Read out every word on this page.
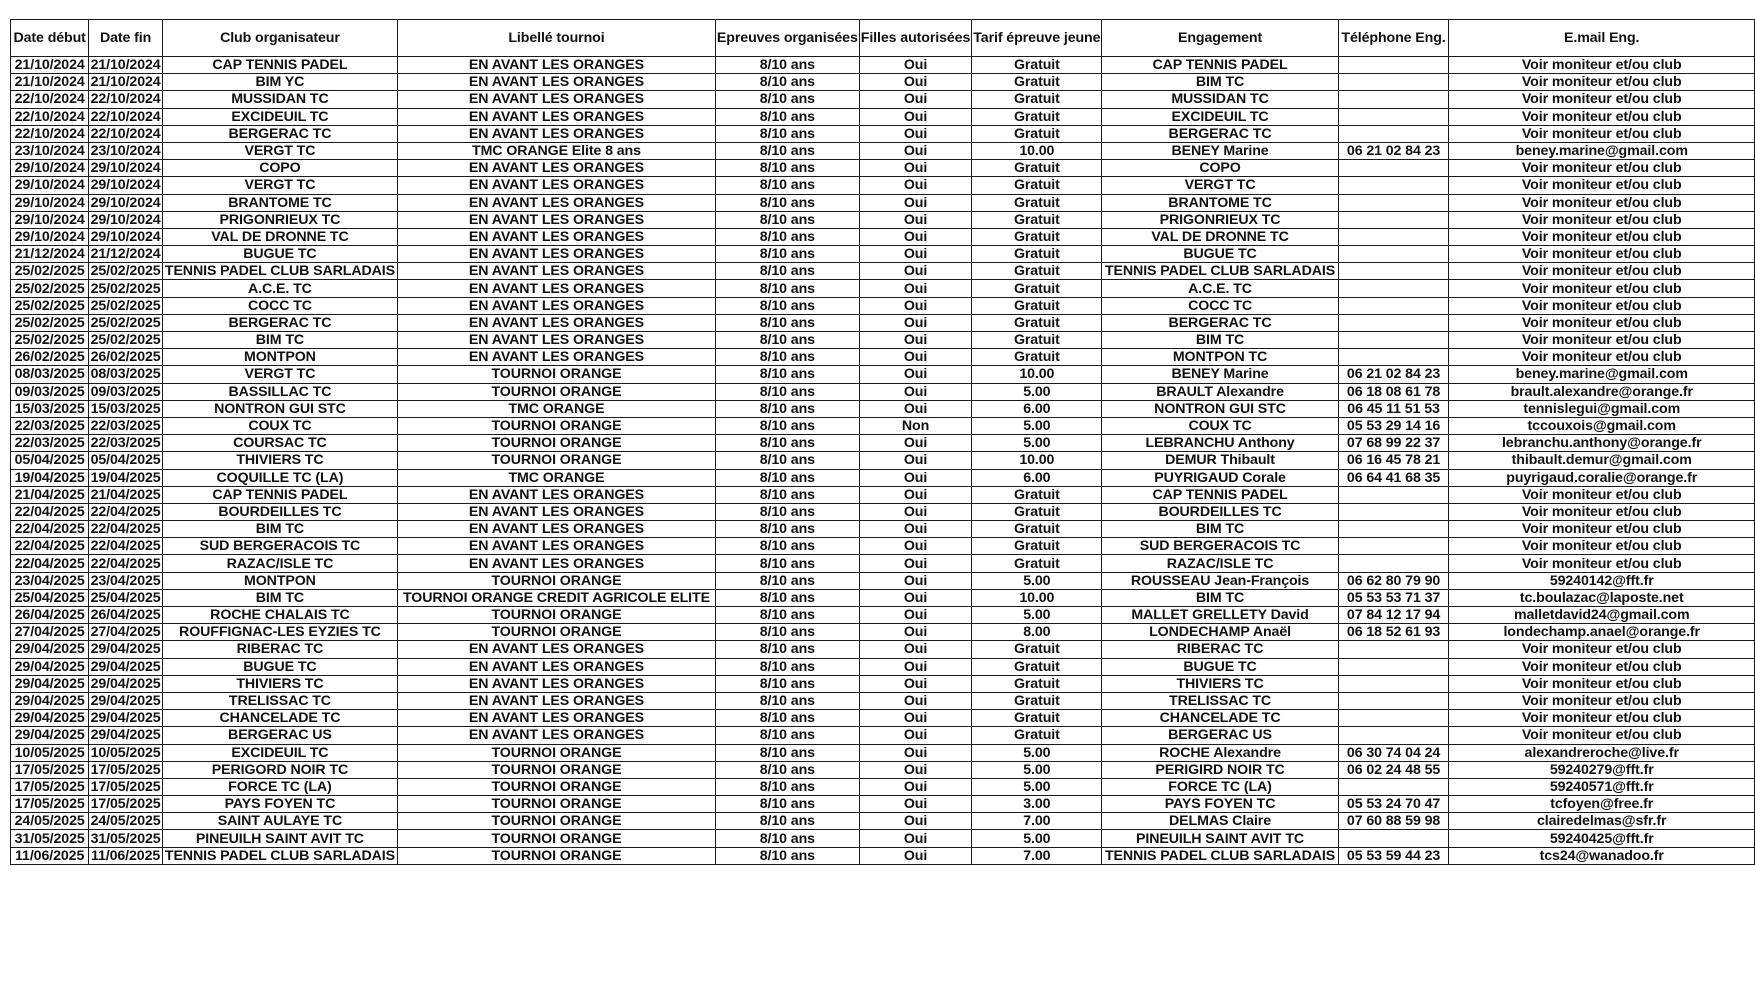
Date début	Date fin	Club organisateur	Libellé tournoi	Epreuves organisées	Filles autorisées	Tarif épreuve jeune	Engagement	Téléphone Eng.	E.mail Eng.
21/10/2024	21/10/2024	CAP TENNIS PADEL	EN AVANT LES ORANGES	8/10 ans	Oui	Gratuit	CAP TENNIS PADEL		Voir moniteur et/ou club
21/10/2024	21/10/2024	BIM YC	EN AVANT LES ORANGES	8/10 ans	Oui	Gratuit	BIM TC		Voir moniteur et/ou club
22/10/2024	22/10/2024	MUSSIDAN TC	EN AVANT LES ORANGES	8/10 ans	Oui	Gratuit	MUSSIDAN TC		Voir moniteur et/ou club
22/10/2024	22/10/2024	EXCIDEUIL TC	EN AVANT LES ORANGES	8/10 ans	Oui	Gratuit	EXCIDEUIL TC		Voir moniteur et/ou club
22/10/2024	22/10/2024	BERGERAC TC	EN AVANT LES ORANGES	8/10 ans	Oui	Gratuit	BERGERAC TC		Voir moniteur et/ou club
23/10/2024	23/10/2024	VERGT TC	TMC ORANGE Elite 8 ans	8/10 ans	Oui	10.00	BENEY Marine	06 21 02 84 23	beney.marine@gmail.com
29/10/2024	29/10/2024	COPO	EN AVANT LES ORANGES	8/10 ans	Oui	Gratuit	COPO		Voir moniteur et/ou club
29/10/2024	29/10/2024	VERGT TC	EN AVANT LES ORANGES	8/10 ans	Oui	Gratuit	VERGT TC		Voir moniteur et/ou club
29/10/2024	29/10/2024	BRANTOME TC	EN AVANT LES ORANGES	8/10 ans	Oui	Gratuit	BRANTOME TC		Voir moniteur et/ou club
29/10/2024	29/10/2024	PRIGONRIEUX TC	EN AVANT LES ORANGES	8/10 ans	Oui	Gratuit	PRIGONRIEUX TC		Voir moniteur et/ou club
29/10/2024	29/10/2024	VAL DE DRONNE TC	EN AVANT LES ORANGES	8/10 ans	Oui	Gratuit	VAL DE DRONNE TC		Voir moniteur et/ou club
21/12/2024	21/12/2024	BUGUE TC	EN AVANT LES ORANGES	8/10 ans	Oui	Gratuit	BUGUE TC		Voir moniteur et/ou club
25/02/2025	25/02/2025	TENNIS PADEL CLUB SARLADAIS	EN AVANT LES ORANGES	8/10 ans	Oui	Gratuit	TENNIS PADEL CLUB SARLADAIS		Voir moniteur et/ou club
25/02/2025	25/02/2025	A.C.E. TC	EN AVANT LES ORANGES	8/10 ans	Oui	Gratuit	A.C.E. TC		Voir moniteur et/ou club
25/02/2025	25/02/2025	COCC TC	EN AVANT LES ORANGES	8/10 ans	Oui	Gratuit	COCC TC		Voir moniteur et/ou club
25/02/2025	25/02/2025	BERGERAC TC	EN AVANT LES ORANGES	8/10 ans	Oui	Gratuit	BERGERAC TC		Voir moniteur et/ou club
25/02/2025	25/02/2025	BIM TC	EN AVANT LES ORANGES	8/10 ans	Oui	Gratuit	BIM TC		Voir moniteur et/ou club
26/02/2025	26/02/2025	MONTPON	EN AVANT LES ORANGES	8/10 ans	Oui	Gratuit	MONTPON TC		Voir moniteur et/ou club
08/03/2025	08/03/2025	VERGT TC	TOURNOI ORANGE	8/10 ans	Oui	10.00	BENEY Marine	06 21 02 84 23	beney.marine@gmail.com
09/03/2025	09/03/2025	BASSILLAC TC	TOURNOI ORANGE	8/10 ans	Oui	5.00	BRAULT Alexandre	06 18 08 61 78	brault.alexandre@orange.fr
15/03/2025	15/03/2025	NONTRON GUI STC	TMC ORANGE	8/10 ans	Oui	6.00	NONTRON GUI STC	06 45 11 51 53	tennislegui@gmail.com
22/03/2025	22/03/2025	COUX TC	TOURNOI ORANGE	8/10 ans	Non	5.00	COUX TC	05 53 29 14 16	tccouxois@gmail.com
22/03/2025	22/03/2025	COURSAC TC	TOURNOI ORANGE	8/10 ans	Oui	5.00	LEBRANCHU Anthony	07 68 99 22 37	lebranchu.anthony@orange.fr
05/04/2025	05/04/2025	THIVIERS TC	TOURNOI ORANGE	8/10 ans	Oui	10.00	DEMUR Thibault	06 16 45 78 21	thibault.demur@gmail.com
19/04/2025	19/04/2025	COQUILLE TC (LA)	TMC ORANGE	8/10 ans	Oui	6.00	PUYRIGAUD Corale	06 64 41 68 35	puyrigaud.coralie@orange.fr
21/04/2025	21/04/2025	CAP TENNIS PADEL	EN AVANT LES ORANGES	8/10 ans	Oui	Gratuit	CAP TENNIS PADEL		Voir moniteur et/ou club
22/04/2025	22/04/2025	BOURDEILLES TC	EN AVANT LES ORANGES	8/10 ans	Oui	Gratuit	BOURDEILLES TC		Voir moniteur et/ou club
22/04/2025	22/04/2025	BIM TC	EN AVANT LES ORANGES	8/10 ans	Oui	Gratuit	BIM TC		Voir moniteur et/ou club
22/04/2025	22/04/2025	SUD BERGERACOIS TC	EN AVANT LES ORANGES	8/10 ans	Oui	Gratuit	SUD BERGERACOIS TC		Voir moniteur et/ou club
22/04/2025	22/04/2025	RAZAC/ISLE TC	EN AVANT LES ORANGES	8/10 ans	Oui	Gratuit	RAZAC/ISLE TC		Voir moniteur et/ou club
23/04/2025	23/04/2025	MONTPON	TOURNOI ORANGE	8/10 ans	Oui	5.00	ROUSSEAU Jean-François	06 62 80 79 90	59240142@fft.fr
25/04/2025	25/04/2025	BIM TC	TOURNOI ORANGE CREDIT AGRICOLE ELITE	8/10 ans	Oui	10.00	BIM TC	05 53 53 71 37	tc.boulazac@laposte.net
26/04/2025	26/04/2025	ROCHE CHALAIS TC	TOURNOI ORANGE	8/10 ans	Oui	5.00	MALLET GRELLETY David	07 84 12 17 94	malletdavid24@gmail.com
27/04/2025	27/04/2025	ROUFFIGNAC-LES EYZIES TC	TOURNOI ORANGE	8/10 ans	Oui	8.00	LONDECHAMP Anaël	06 18 52 61 93	londechamp.anael@orange.fr
29/04/2025	29/04/2025	RIBERAC TC	EN AVANT LES ORANGES	8/10 ans	Oui	Gratuit	RIBERAC TC		Voir moniteur et/ou club
29/04/2025	29/04/2025	BUGUE TC	EN AVANT LES ORANGES	8/10 ans	Oui	Gratuit	BUGUE TC		Voir moniteur et/ou club
29/04/2025	29/04/2025	THIVIERS TC	EN AVANT LES ORANGES	8/10 ans	Oui	Gratuit	THIVIERS TC		Voir moniteur et/ou club
29/04/2025	29/04/2025	TRELISSAC TC	EN AVANT LES ORANGES	8/10 ans	Oui	Gratuit	TRELISSAC TC		Voir moniteur et/ou club
29/04/2025	29/04/2025	CHANCELADE TC	EN AVANT LES ORANGES	8/10 ans	Oui	Gratuit	CHANCELADE TC		Voir moniteur et/ou club
29/04/2025	29/04/2025	BERGERAC US	EN AVANT LES ORANGES	8/10 ans	Oui	Gratuit	BERGERAC US		Voir moniteur et/ou club
10/05/2025	10/05/2025	EXCIDEUIL TC	TOURNOI ORANGE	8/10 ans	Oui	5.00	ROCHE Alexandre	06 30 74 04 24	alexandreroche@live.fr
17/05/2025	17/05/2025	PERIGORD NOIR TC	TOURNOI ORANGE	8/10 ans	Oui	5.00	PERIGIRD NOIR TC	06 02 24 48 55	59240279@fft.fr
17/05/2025	17/05/2025	FORCE TC (LA)	TOURNOI ORANGE	8/10 ans	Oui	5.00	FORCE TC (LA)		59240571@fft.fr
17/05/2025	17/05/2025	PAYS FOYEN TC	TOURNOI ORANGE	8/10 ans	Oui	3.00	PAYS FOYEN TC	05 53 24 70 47	tcfoyen@free.fr
24/05/2025	24/05/2025	SAINT AULAYE TC	TOURNOI ORANGE	8/10 ans	Oui	7.00	DELMAS Claire	07 60 88 59 98	clairedelmas@sfr.fr
31/05/2025	31/05/2025	PINEUILH SAINT AVIT TC	TOURNOI ORANGE	8/10 ans	Oui	5.00	PINEUILH SAINT AVIT TC		59240425@fft.fr
11/06/2025	11/06/2025	TENNIS PADEL CLUB SARLADAIS	TOURNOI ORANGE	8/10 ans	Oui	7.00	TENNIS PADEL CLUB SARLADAIS	05 53 59 44 23	tcs24@wanadoo.fr
